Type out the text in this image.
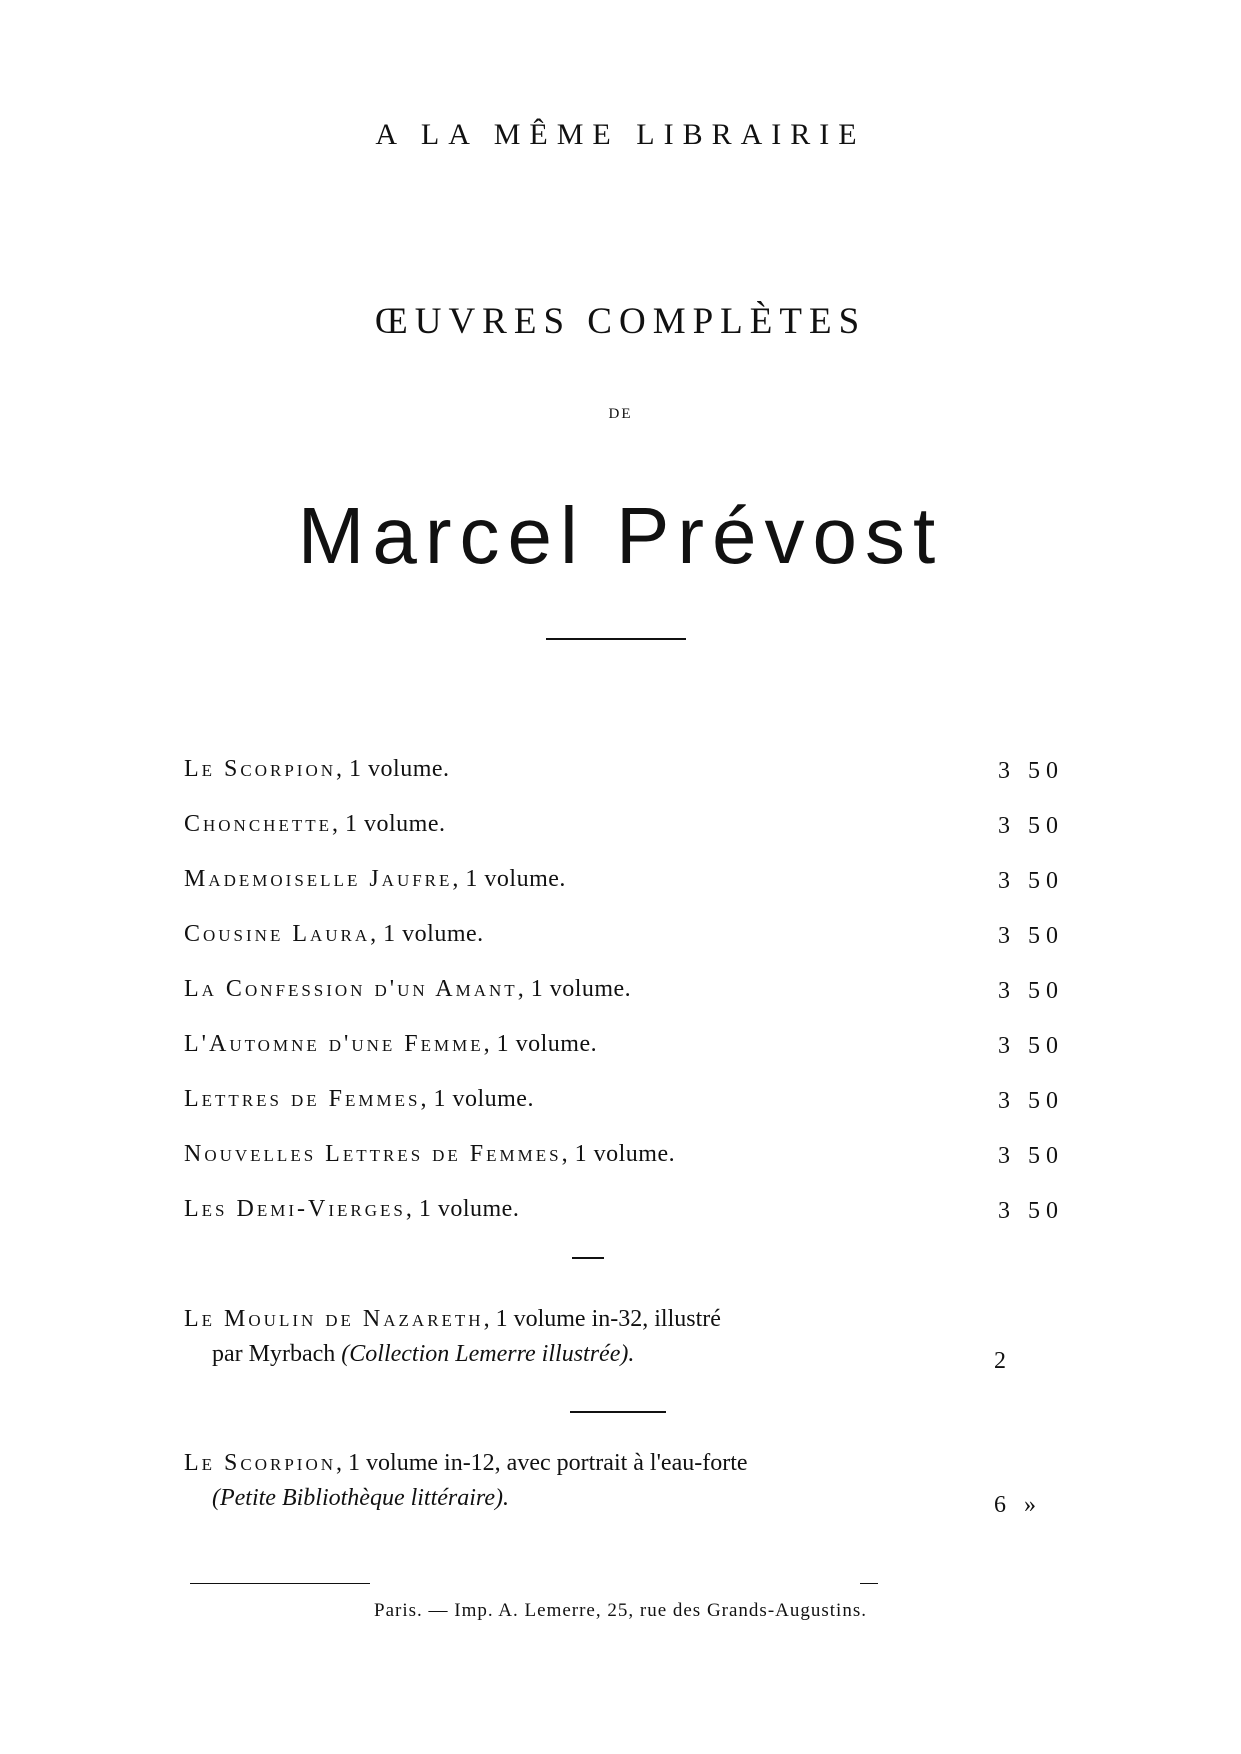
A LA MÊME LIBRAIRIE
ŒUVRES COMPLÈTES
DE
Marcel Prévost
Le Scorpion, 1 volume.	3 50
Chonchette, 1 volume.	3 50
Mademoiselle Jaufre, 1 volume.	3 50
Cousine Laura, 1 volume.	3 50
La Confession d'un Amant, 1 volume.	3 50
L'Automne d'une Femme, 1 volume.	3 50
Lettres de Femmes, 1 volume.	3 50
Nouvelles Lettres de Femmes, 1 volume.	3 50
Les Demi-Vierges, 1 volume.	3 50
Le Moulin de Nazareth, 1 volume in-32, illustré
par Myrbach (Collection Lemerre illustrée).	2
Le Scorpion, 1 volume in-12, avec portrait à l'eau-forte
(Petite Bibliothèque littéraire).	6 »
Paris. — Imp. A. Lemerre, 25, rue des Grands-Augustins.
